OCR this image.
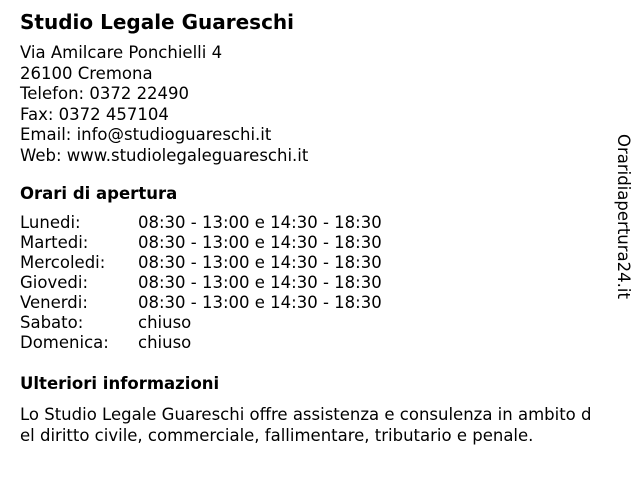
Studio Legale Guareschi
Via Amilcare Ponchielli 4
26100 Cremona
Telefon: 0372 22490
Fax: 0372 457104
Email: info@studioguareschi.it
Web: www.studiolegaleguareschi.it
Orari di apertura
Lunedi:	08:30 - 13:00 e 14:30 - 18:30
Martedi:	08:30 - 13:00 e 14:30 - 18:30
Mercoledi: 08:30 - 13:00 e 14:30 - 18:30
Giovedi:	08:30 - 13:00 e 14:30 - 18:30
Venerdi:	08:30 - 13:00 e 14:30 - 18:30
Sabato:	chiuso
Domenica: chiuso
Ulteriori informazioni
Lo Studio Legale Guareschi offre assistenza e consulenza in ambito d
el diritto civile, commerciale, fallimentare, tributario e penale.
Oraridiapertura24.it
